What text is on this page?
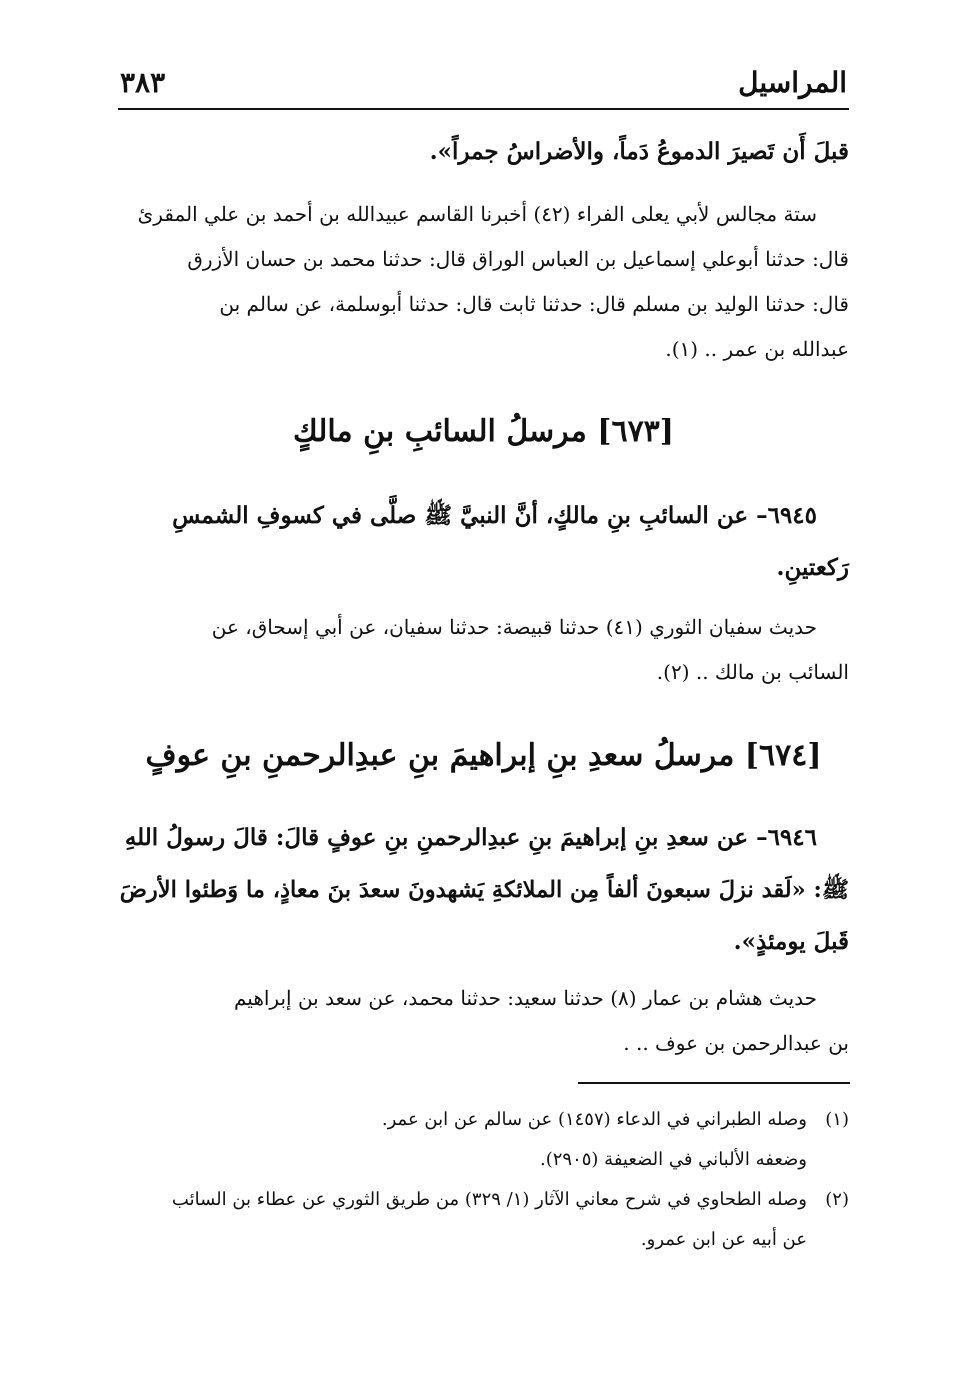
المراسيل
٣٨٣
قبلَ أَن تَصيرَ الدموعُ دَماً، والأضراسُ جمراً».
ستة مجالس لأبي يعلى الفراء (٤٢) أخبرنا القاسم عبيدالله بن أحمد بن علي المقرئ
قال: حدثنا أبوعلي إسماعيل بن العباس الوراق قال: حدثنا محمد بن حسان الأزرق
قال: حدثنا الوليد بن مسلم قال: حدثنا ثابت قال: حدثنا أبوسلمة، عن سالم بن
عبدالله بن عمر .. (١).
[٦٧٣] مرسلُ السائبِ بنِ مالكٍ
٦٩٤٥– عن السائبِ بنِ مالكٍ، أنَّ النبيَّ ﷺ صلَّى في كسوفِ الشمسِ
رَكعتينِ.
حديث سفيان الثوري (٤١) حدثنا قبيصة: حدثنا سفيان، عن أبي إسحاق، عن
السائب بن مالك .. (٢).
[٦٧٤] مرسلُ سعدِ بنِ إبراهيمَ بنِ عبدِالرحمنِ بنِ عوفٍ
٦٩٤٦– عن سعدِ بنِ إبراهيمَ بنِ عبدِالرحمنِ بنِ عوفٍ قالَ: قالَ رسولُ اللهِ
ﷺ: «لَقد نزلَ سبعونَ ألفاً مِن الملائكةِ يَشهدونَ سعدَ بنَ معاذٍ، ما وَطئوا الأرضَ
قَبلَ يومئذٍ».
حديث هشام بن عمار (٨) حدثنا سعيد: حدثنا محمد، عن سعد بن إبراهيم
بن عبدالرحمن بن عوف .. .
(١)وصله الطبراني في الدعاء (١٤٥٧) عن سالم عن ابن عمر.
وضعفه الألباني في الضعيفة (٢٩٠٥).
(٢)وصله الطحاوي في شرح معاني الآثار (١/ ٣٢٩) من طريق الثوري عن عطاء بن السائب
عن أبيه عن ابن عمرو.
